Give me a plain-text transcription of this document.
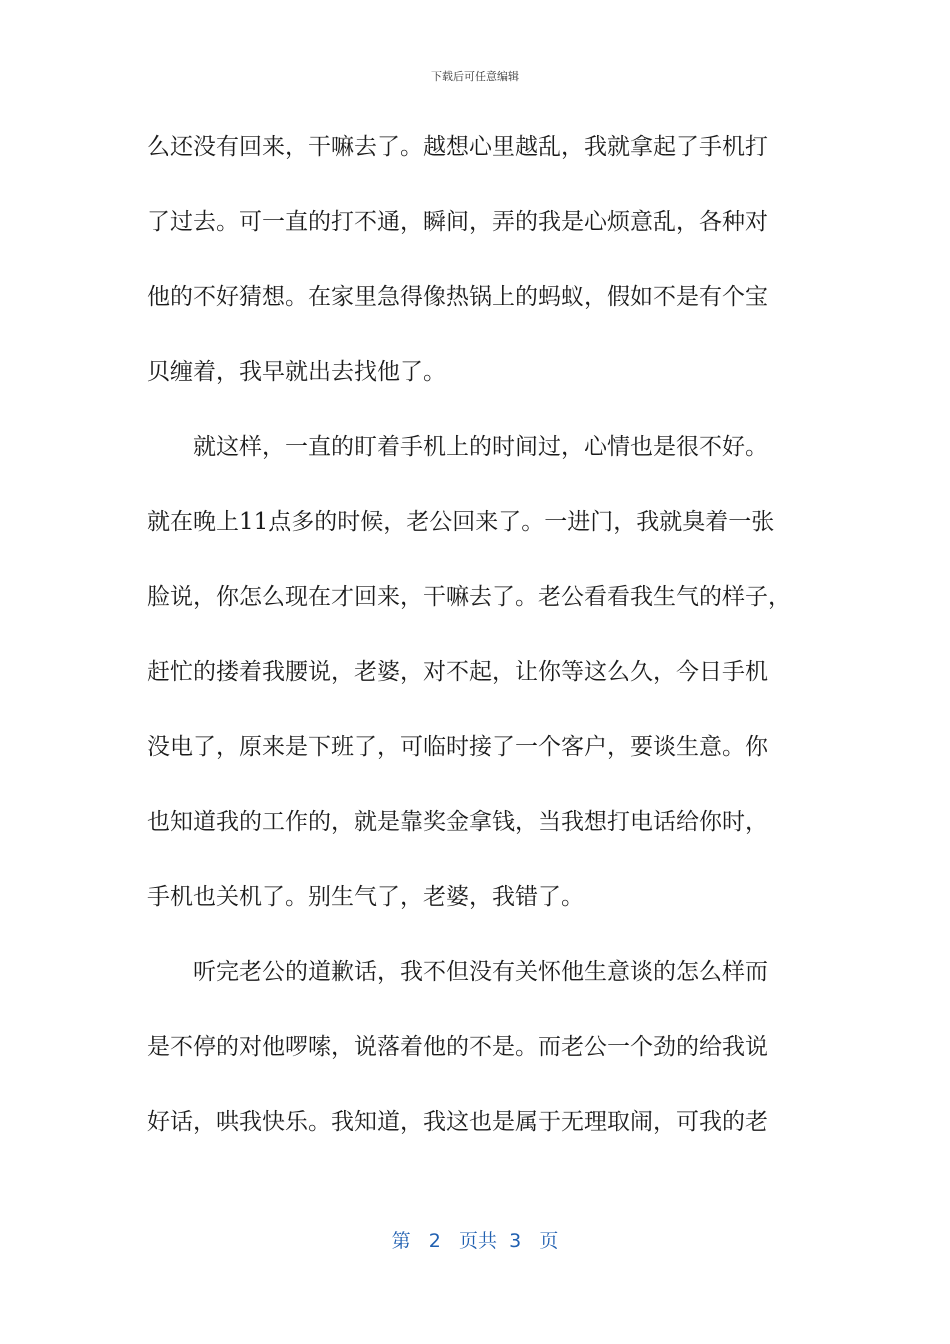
下载后可任意编辑
么还没有回来，干嘛去了。越想心里越乱，我就拿起了手机打
了过去。可一直的打不通，瞬间，弄的我是心烦意乱，各种对
他的不好猜想。在家里急得像热锅上的蚂蚁，假如不是有个宝
贝缠着，我早就出去找他了。
就这样，一直的盯着手机上的时间过，心情也是很不好。
就在晚上11点多的时候，老公回来了。一进门，我就臭着一张
脸说，你怎么现在才回来，干嘛去了。老公看看我生气的样子，
赶忙的搂着我腰说，老婆，对不起，让你等这么久，今日手机
没电了，原来是下班了，可临时接了一个客户，要谈生意。你
也知道我的工作的，就是靠奖金拿钱，当我想打电话给你时，
手机也关机了。别生气了，老婆，我错了。
听完老公的道歉话，我不但没有关怀他生意谈的怎么样而
是不停的对他啰嗦，说落着他的不是。而老公一个劲的给我说
好话，哄我快乐。我知道，我这也是属于无理取闹，可我的老
第 2 页共 3 页
